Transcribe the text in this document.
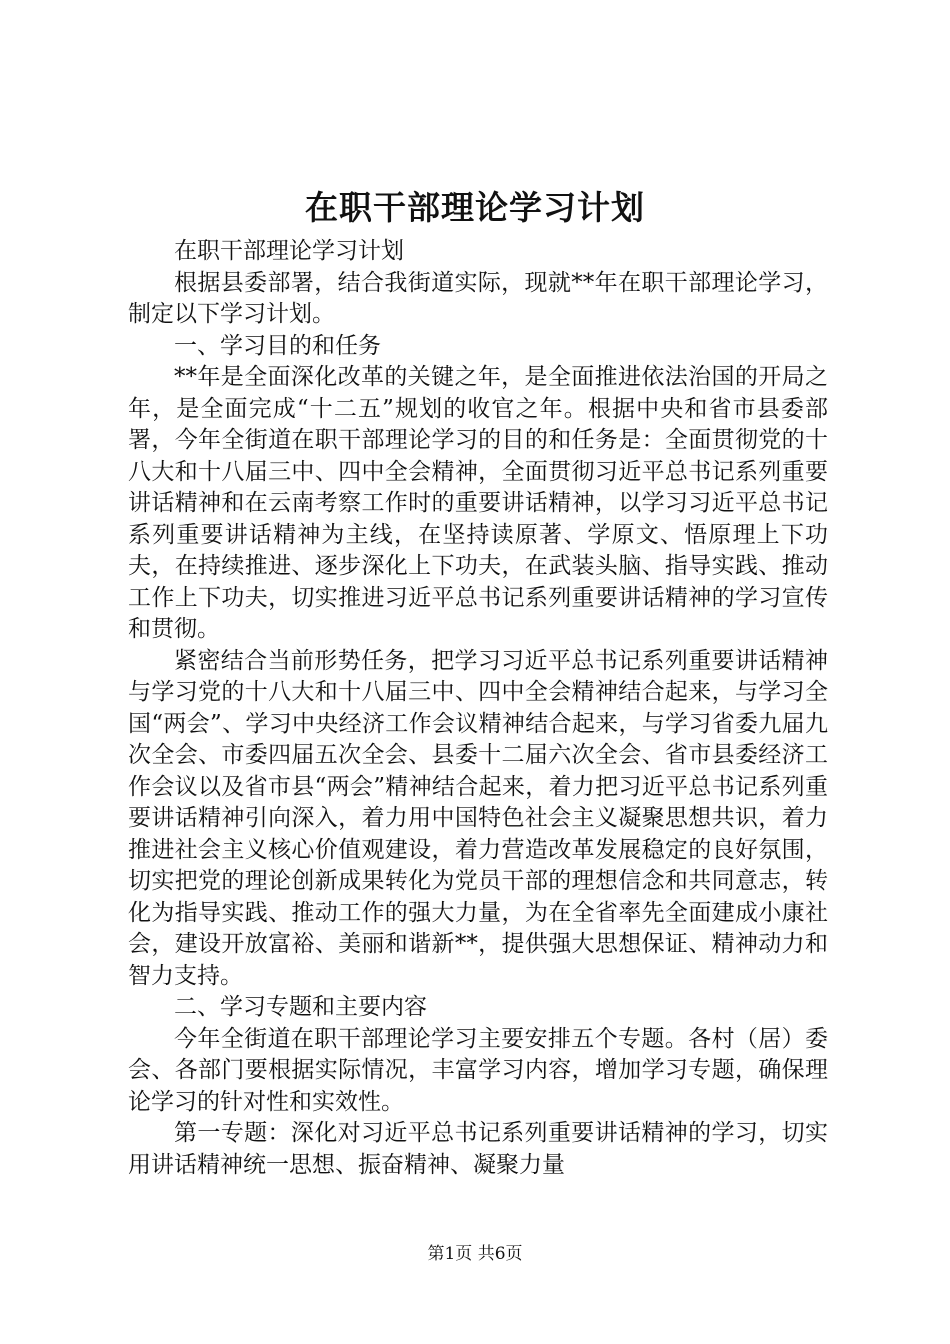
在职干部理论学习计划

在职干部理论学习计划

根据县委部署，结合我街道实际，现就**年在职干部理论学习，制定以下学习计划。

一、学习目的和任务

**年是全面深化改革的关键之年，是全面推进依法治国的开局之年，是全面完成“十二五”规划的收官之年。根据中央和省市县委部署，今年全街道在职干部理论学习的目的和任务是：全面贯彻党的十八大和十八届三中、四中全会精神，全面贯彻习近平总书记系列重要讲话精神和在云南考察工作时的重要讲话精神，以学习习近平总书记系列重要讲话精神为主线，在坚持读原著、学原文、悟原理上下功夫，在持续推进、逐步深化上下功夫，在武装头脑、指导实践、推动工作上下功夫，切实推进习近平总书记系列重要讲话精神的学习宣传和贯彻。

紧密结合当前形势任务，把学习习近平总书记系列重要讲话精神与学习党的十八大和十八届三中、四中全会精神结合起来，与学习全国“两会”、学习中央经济工作会议精神结合起来，与学习省委九届九次全会、市委四届五次全会、县委十二届六次全会、省市县委经济工作会议以及省市县“两会”精神结合起来，着力把习近平总书记系列重要讲话精神引向深入，着力用中国特色社会主义凝聚思想共识，着力推进社会主义核心价值观建设，着力营造改革发展稳定的良好氛围，切实把党的理论创新成果转化为党员干部的理想信念和共同意志，转化为指导实践、推动工作的强大力量，为在全省率先全面建成小康社会，建设开放富裕、美丽和谐新**，提供强大思想保证、精神动力和智力支持。

二、学习专题和主要内容

今年全街道在职干部理论学习主要安排五个专题。各村（居）委会、各部门要根据实际情况，丰富学习内容，增加学习专题，确保理论学习的针对性和实效性。

第一专题：深化对习近平总书记系列重要讲话精神的学习，切实用讲话精神统一思想、振奋精神、凝聚力量

第1页 共6页
